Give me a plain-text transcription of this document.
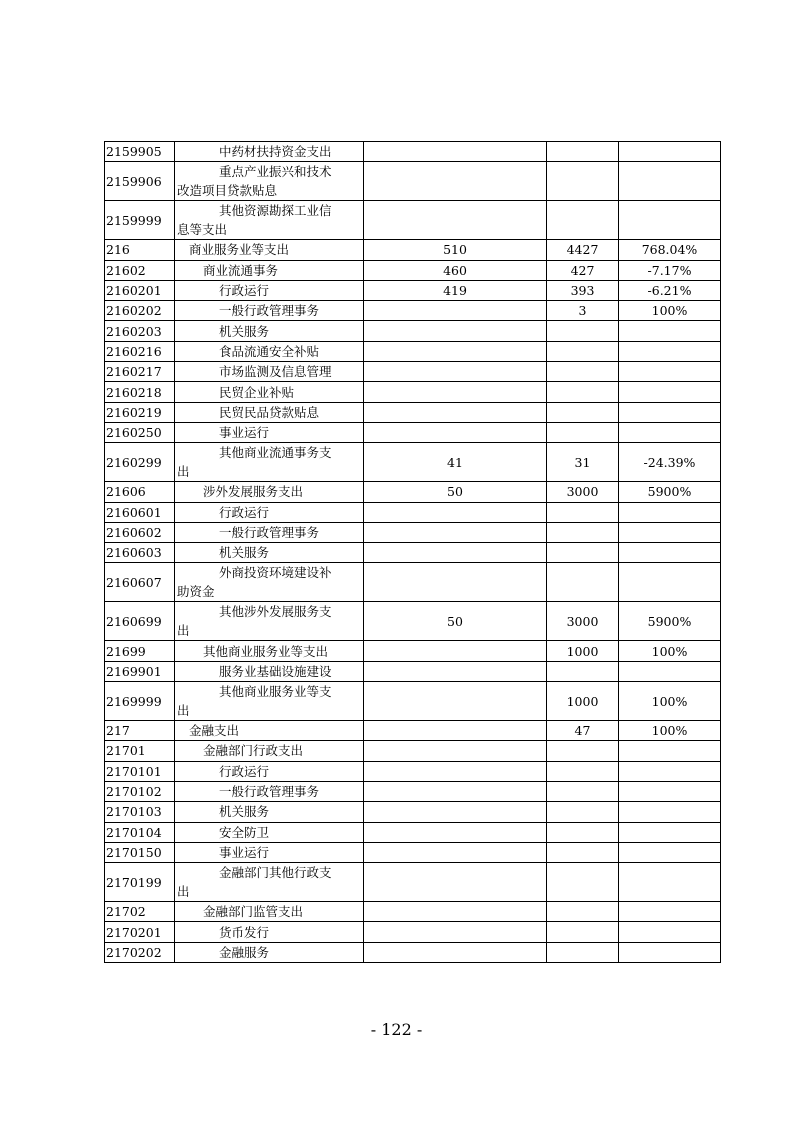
2159905	中药材扶持资金支出			
2159906	重点产业振兴和技术
改造项目贷款贴息			
2159999	其他资源勘探工业信
息等支出			
216	商业服务业等支出	510	4427	768.04%
21602	商业流通事务	460	427	-7.17%
2160201	行政运行	419	393	-6.21%
2160202	一般行政管理事务		3	100%
2160203	机关服务			
2160216	食品流通安全补贴			
2160217	市场监测及信息管理			
2160218	民贸企业补贴			
2160219	民贸民品贷款贴息			
2160250	事业运行			
2160299	其他商业流通事务支
出	41	31	-24.39%
21606	涉外发展服务支出	50	3000	5900%
2160601	行政运行			
2160602	一般行政管理事务			
2160603	机关服务			
2160607	外商投资环境建设补
助资金			
2160699	其他涉外发展服务支
出	50	3000	5900%
21699	其他商业服务业等支出		1000	100%
2169901	服务业基础设施建设			
2169999	其他商业服务业等支
出		1000	100%
217	金融支出		47	100%
21701	金融部门行政支出			
2170101	行政运行			
2170102	一般行政管理事务			
2170103	机关服务			
2170104	安全防卫			
2170150	事业运行			
2170199	金融部门其他行政支
出			
21702	金融部门监管支出			
2170201	货币发行			
2170202	金融服务			
- 122 -
